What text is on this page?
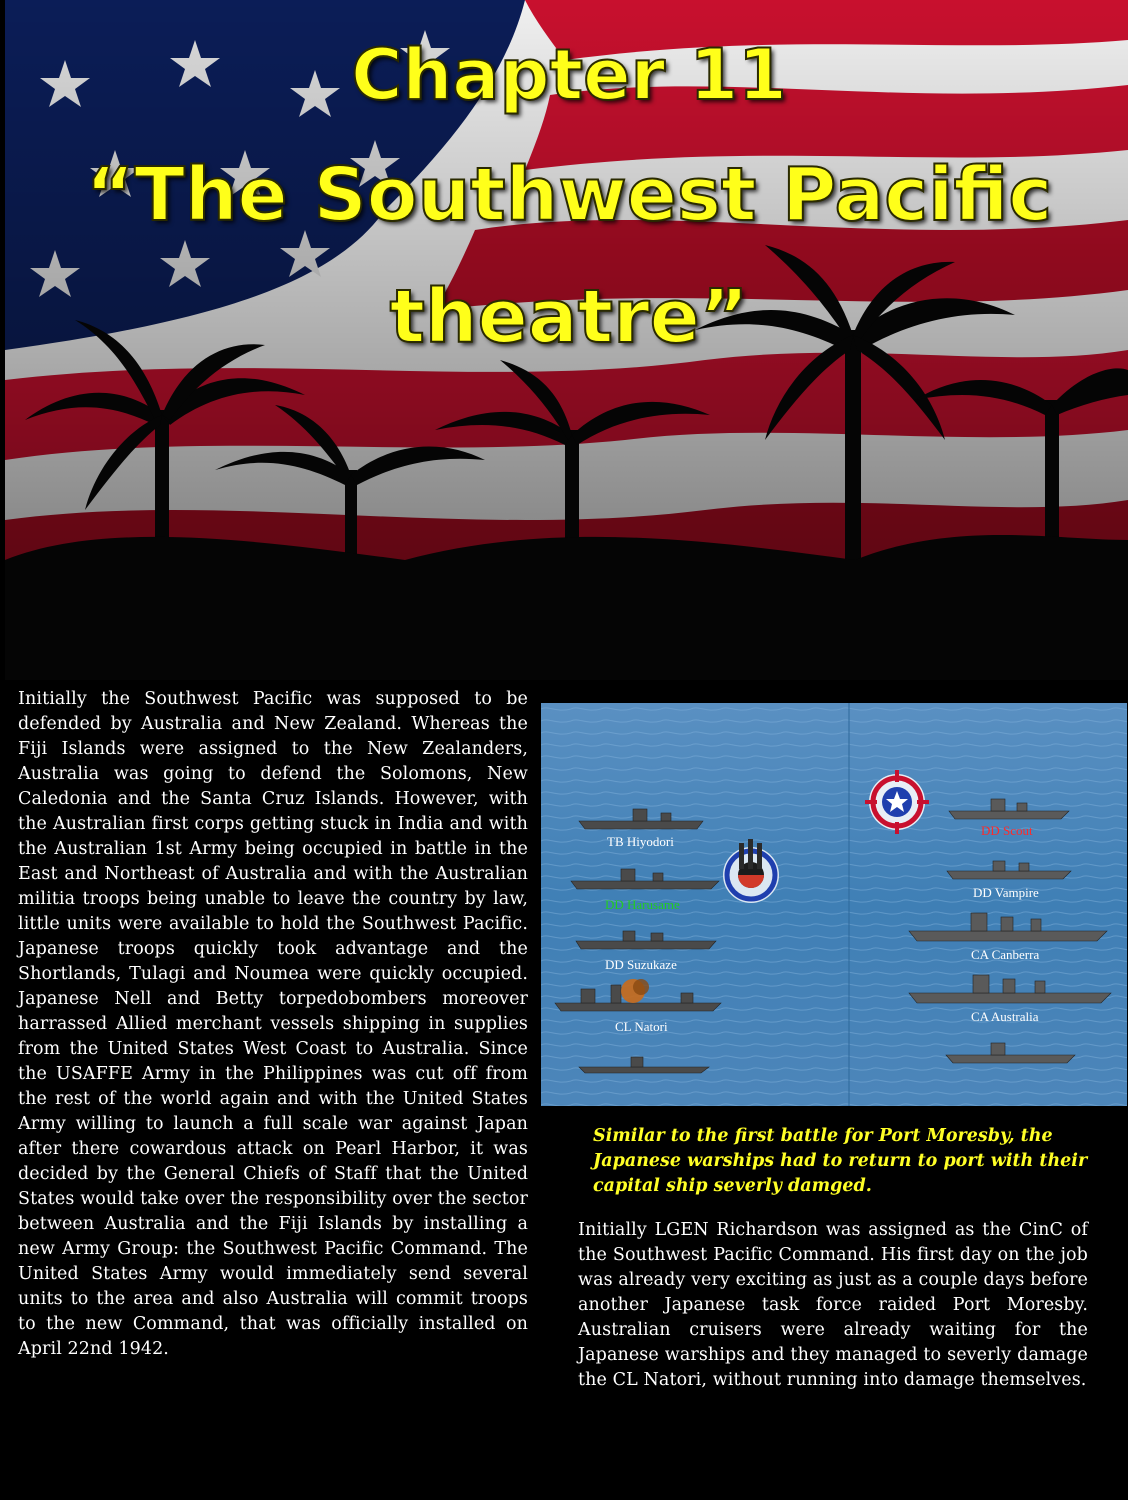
Chapter 11
“The Southwest Pacific
theatre”

Initially the Southwest Pacific was supposed to be defended by Australia and New Zealand. Whereas the Fiji Islands were assigned to the New Zealanders, Australia was going to defend the Solomons, New Caledonia and the Santa Cruz Islands. However, with the Australian first corps getting stuck in India and with the Australian 1st Army being occupied in battle in the East and Northeast of Australia and with the Australian militia troops being unable to leave the country by law, little units were available to hold the Southwest Pacific. Japanese troops quickly took advantage and the Shortlands, Tulagi and Noumea were quickly occupied. Japanese Nell and Betty torpedobombers moreover harrassed Allied merchant vessels shipping in supplies from the United States West Coast to Australia. Since the USAFFE Army in the Philippines was cut off from the rest of the world again and with the United States Army willing to launch a full scale war against Japan after there cowardous attack on Pearl Harbor, it was decided by the General Chiefs of Staff that the United States would take over the responsibility over the sector between Australia and the Fiji Islands by installing a new Army Group: the Southwest Pacific Command. The United States Army would immediately send several units to the area and also Australia will commit troops to the new Command, that was officially installed on April 22nd 1942.

TB Hiyodori
DD Harusame
DD Suzukaze
CL Natori
DD Scout
DD Vampire
CA Canberra
CA Australia

Similar to the first battle for Port Moresby, the Japanese warships had to return to port with their capital ship severly damged.

Initially LGEN Richardson was assigned as the CinC of the Southwest Pacific Command. His first day on the job was already very exciting as just as a couple days before another Japanese task force raided Port Moresby. Australian cruisers were already waiting for the Japanese warships and they managed to severly damage the CL Natori, without running into damage themselves.
